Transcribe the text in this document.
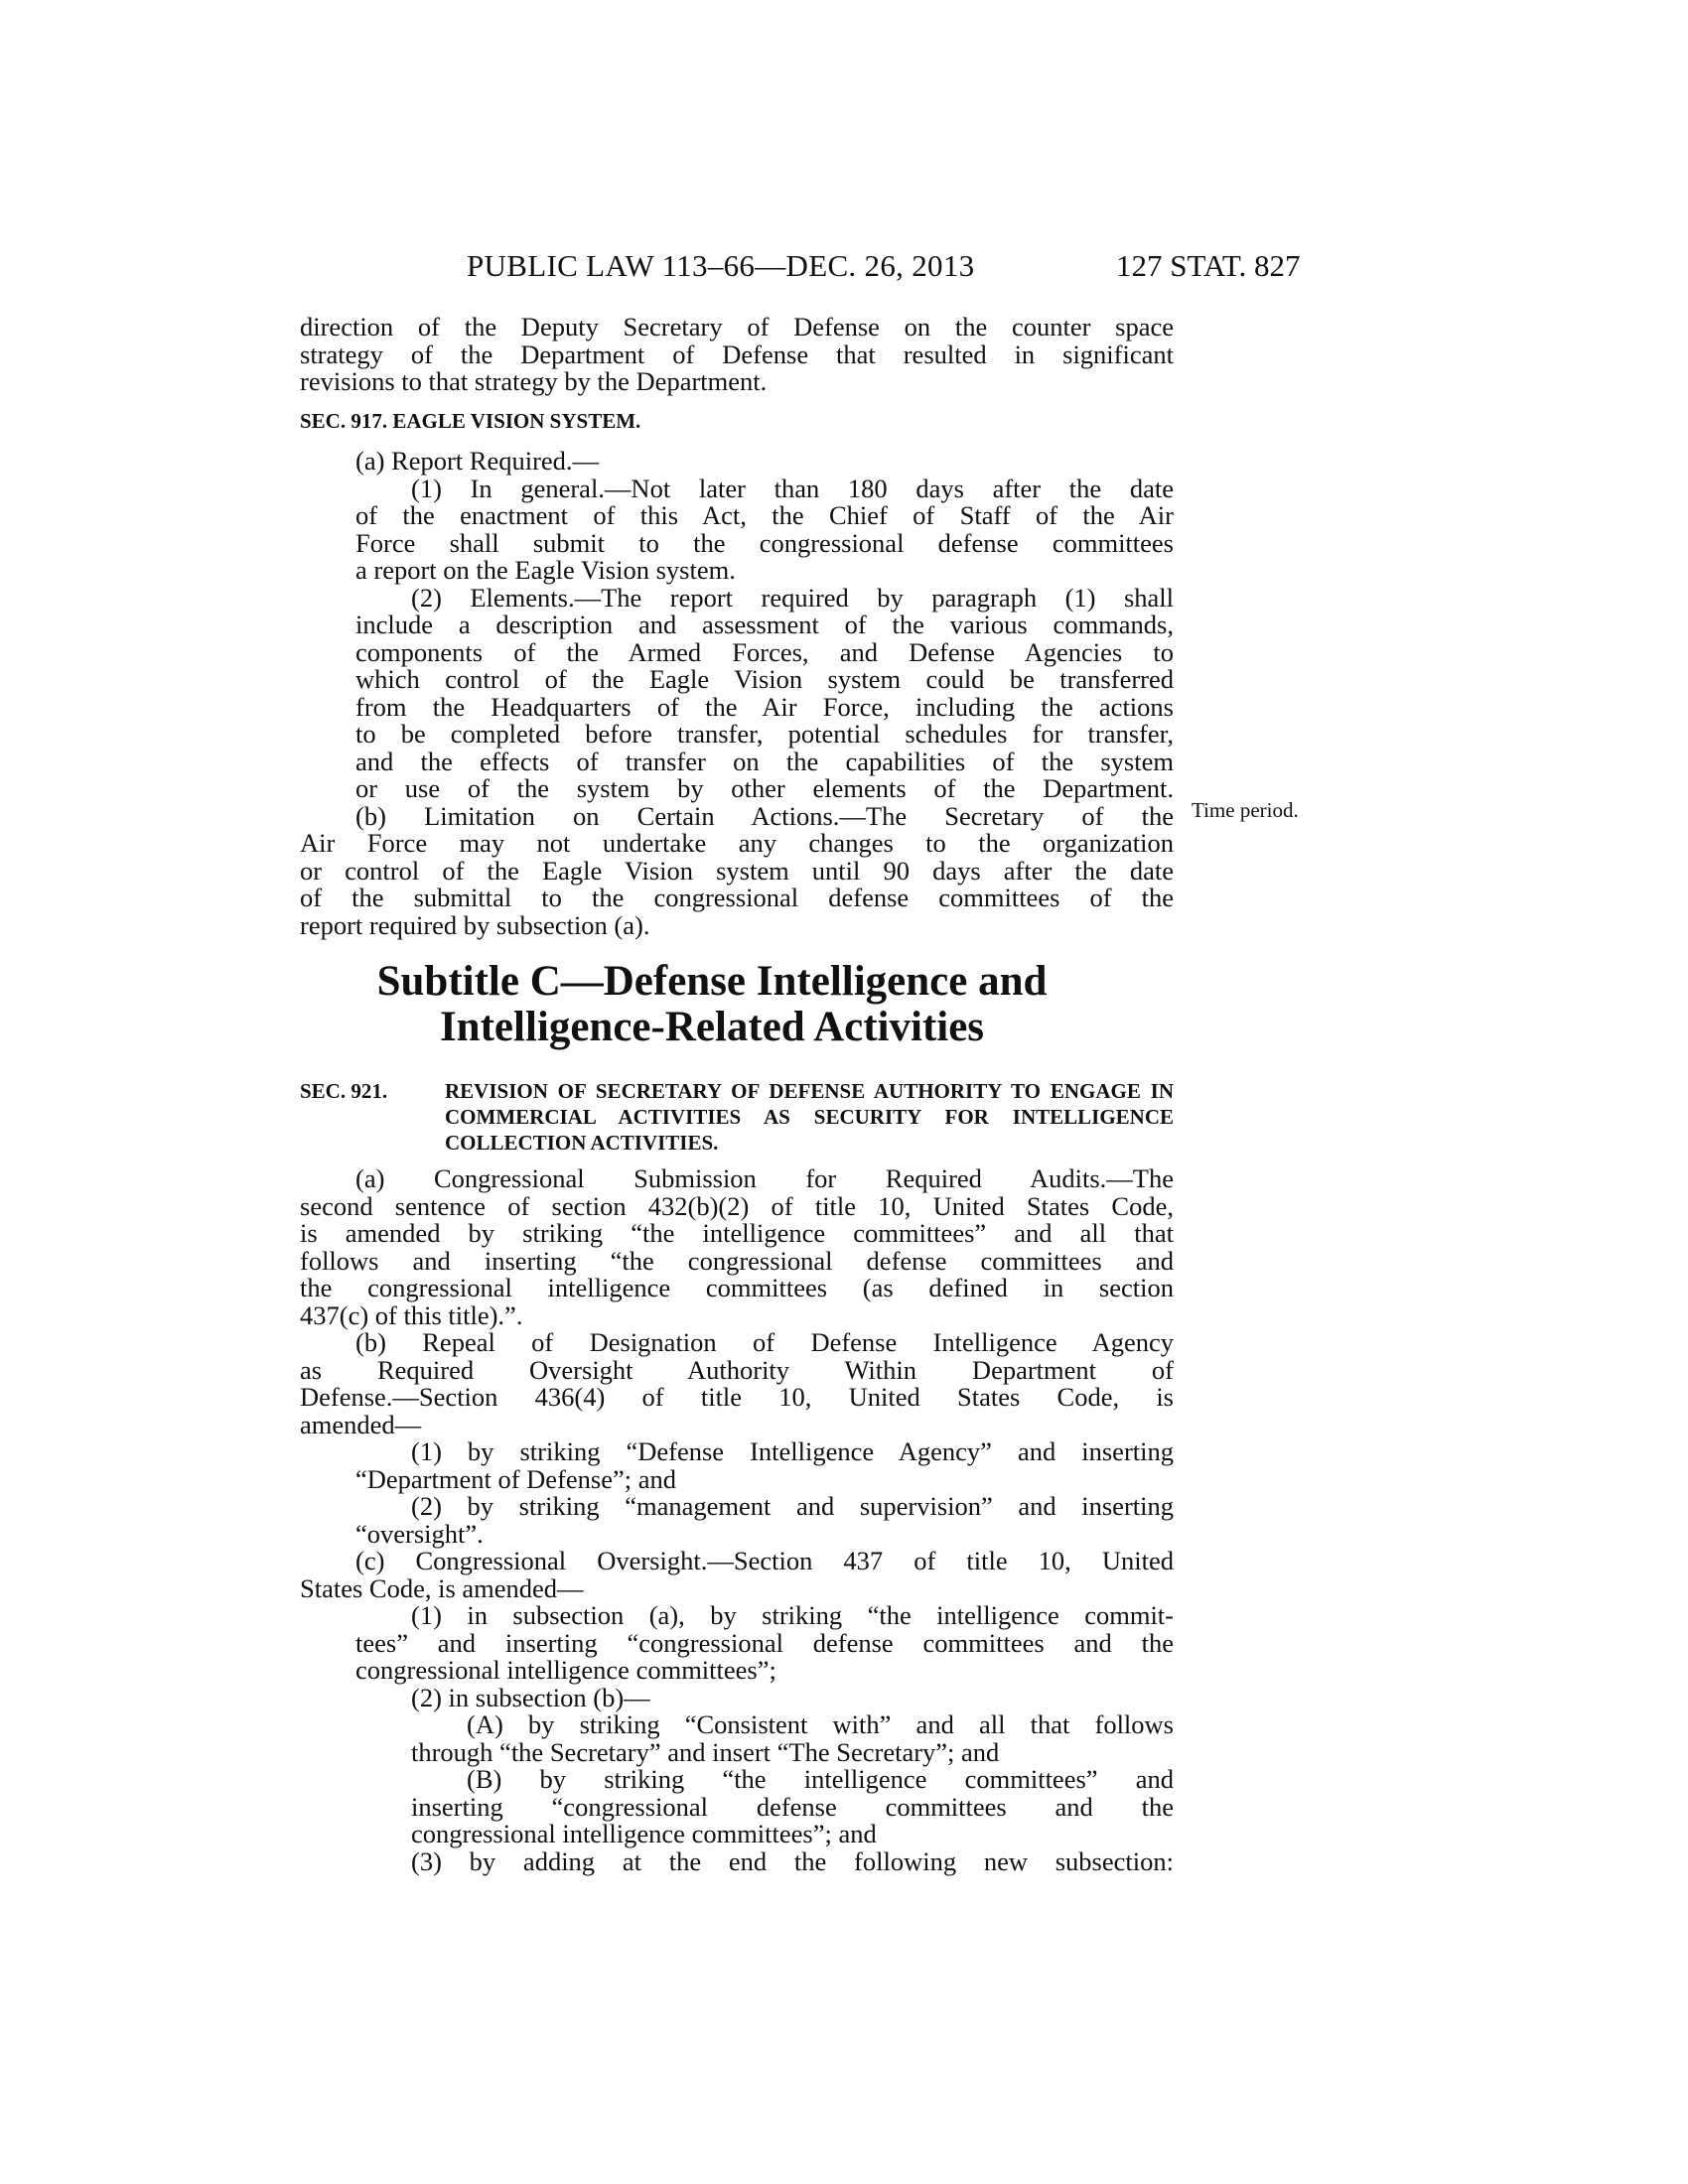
PUBLIC LAW 113–66—DEC. 26, 2013	127 STAT. 827
Time period.

direction of the Deputy Secretary of Defense on the counter space

strategy of the Department of Defense that resulted in significant

revisions to that strategy by the Department.

SEC. 917. EAGLE VISION SYSTEM.

(a) Report Required.—

(1) In general.—Not later than 180 days after the date

of the enactment of this Act, the Chief of Staff of the Air

Force shall submit to the congressional defense committees

a report on the Eagle Vision system.

(2) Elements.—The report required by paragraph (1) shall

include a description and assessment of the various commands,

components of the Armed Forces, and Defense Agencies to

which control of the Eagle Vision system could be transferred

from the Headquarters of the Air Force, including the actions

to be completed before transfer, potential schedules for transfer,

and the effects of transfer on the capabilities of the system

or use of the system by other elements of the Department.

(b) Limitation on Certain Actions.—The Secretary of the

Air Force may not undertake any changes to the organization

or control of the Eagle Vision system until 90 days after the date

of the submittal to the congressional defense committees of the

report required by subsection (a).

Subtitle C—Defense Intelligence and
Intelligence-Related Activities
SEC. 921.	REVISION OF SECRETARY OF DEFENSE AUTHORITY TO ENGAGE IN COMMERCIAL ACTIVITIES AS SECURITY FOR INTELLIGENCE COLLECTION ACTIVITIES.

(a) Congressional Submission for Required Audits.—The

second sentence of section 432(b)(2) of title 10, United States Code,

is amended by striking “the intelligence committees” and all that

follows and inserting “the congressional defense committees and

the congressional intelligence committees (as defined in section

437(c) of this title).”.

(b) Repeal of Designation of Defense Intelligence Agency

as Required Oversight Authority Within Department of

Defense.—Section 436(4) of title 10, United States Code, is

amended—

(1) by striking “Defense Intelligence Agency” and inserting

“Department of Defense”; and

(2) by striking “management and supervision” and inserting

“oversight”.

(c) Congressional Oversight.—Section 437 of title 10, United

States Code, is amended—

(1) in subsection (a), by striking “the intelligence commit-

tees” and inserting “congressional defense committees and the

congressional intelligence committees”;

(2) in subsection (b)—

(A) by striking “Consistent with” and all that follows

through “the Secretary” and insert “The Secretary”; and

(B) by striking “the intelligence committees” and

inserting “congressional defense committees and the

congressional intelligence committees”; and

(3) by adding at the end the following new subsection:
